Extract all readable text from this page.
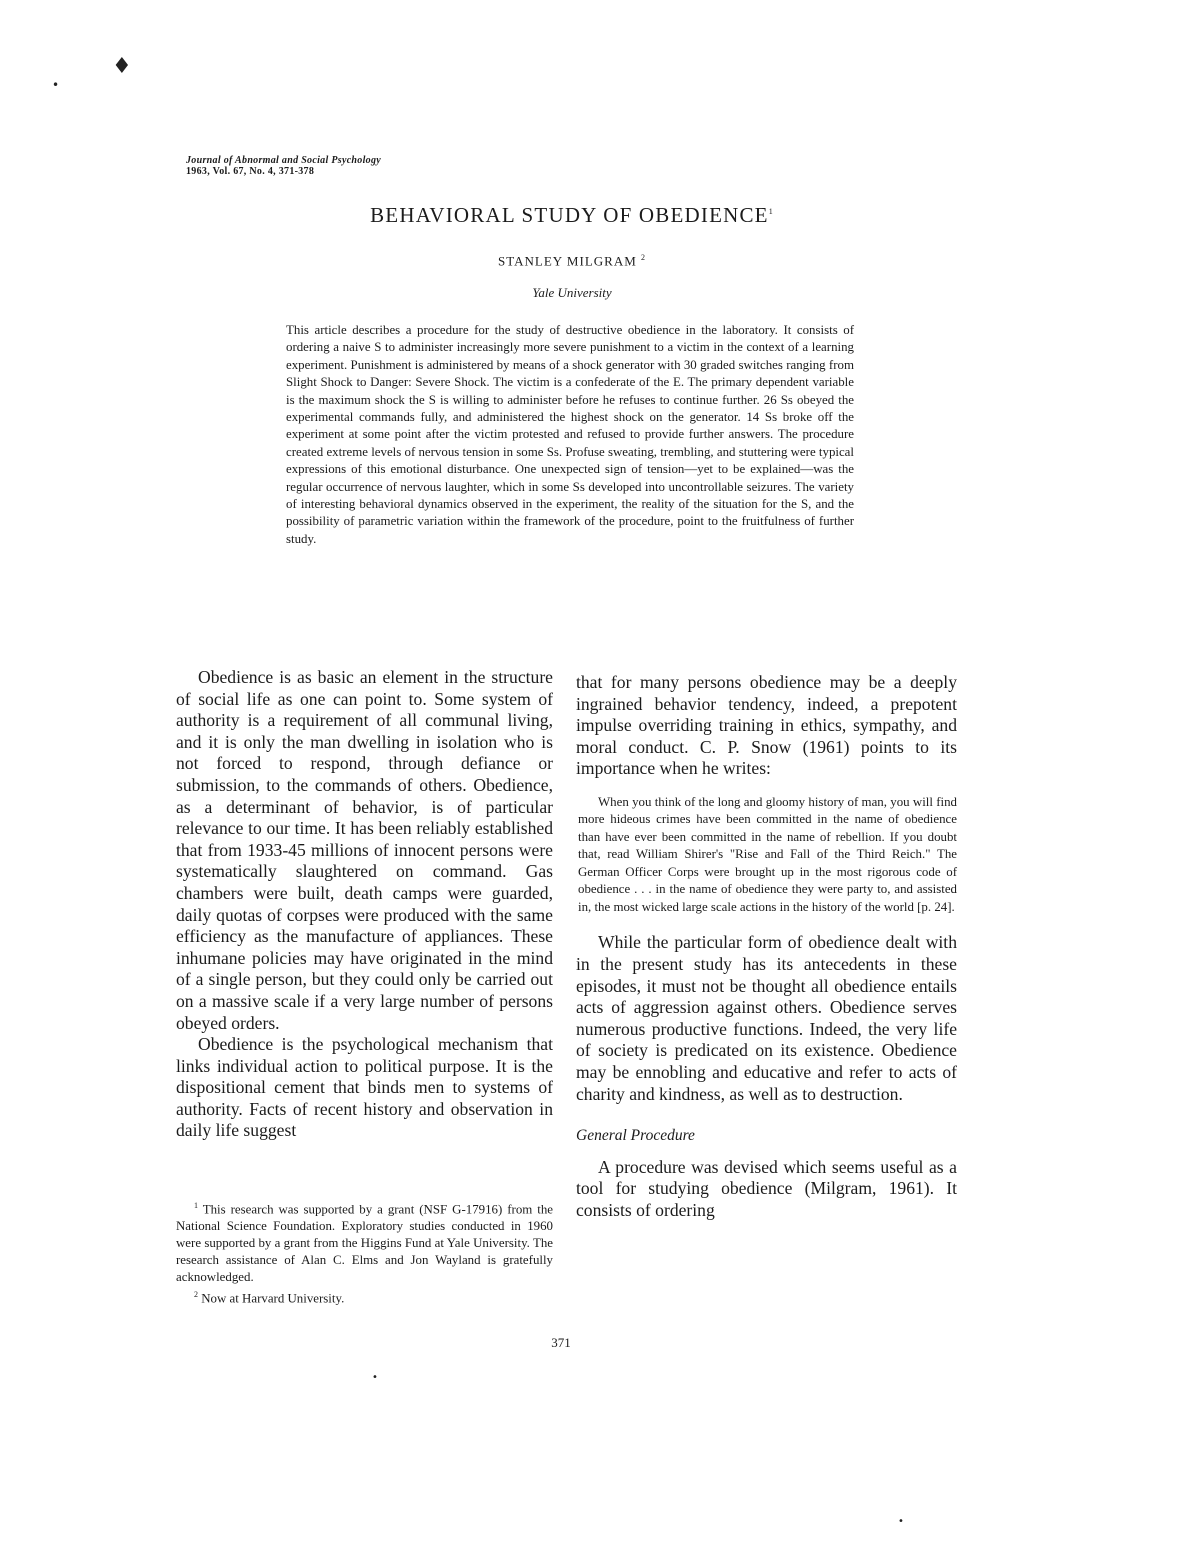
♦
•
•
•
Journal of Abnormal and Social Psychology
1963, Vol. 67, No. 4, 371-378
BEHAVIORAL STUDY OF OBEDIENCE$^1$
STANLEY MILGRAM $^2$
Yale University
This article describes a procedure for the study of destructive obedience in the laboratory. It consists of ordering a naive S to administer increasingly more severe punishment to a victim in the context of a learning experiment. Punishment is administered by means of a shock generator with 30 graded switches ranging from Slight Shock to Danger: Severe Shock. The victim is a confederate of the E. The primary dependent variable is the maximum shock the S is willing to administer before he refuses to continue further. 26 Ss obeyed the experimental commands fully, and administered the highest shock on the generator. 14 Ss broke off the experiment at some point after the victim protested and refused to provide further answers. The procedure created extreme levels of nervous tension in some Ss. Profuse sweating, trembling, and stuttering were typical expressions of this emotional disturbance. One unexpected sign of tension—yet to be explained—was the regular occurrence of nervous laughter, which in some Ss developed into uncontrollable seizures. The variety of interesting behavioral dynamics observed in the experiment, the reality of the situation for the S, and the possibility of parametric variation within the framework of the procedure, point to the fruitfulness of further study.

Obedience is as basic an element in the structure of social life as one can point to. Some system of authority is a requirement of all communal living, and it is only the man dwelling in isolation who is not forced to respond, through defiance or submission, to the commands of others. Obedience, as a determinant of behavior, is of particular relevance to our time. It has been reliably established that from 1933-45 millions of innocent persons were systematically slaughtered on command. Gas chambers were built, death camps were guarded, daily quotas of corpses were produced with the same efficiency as the manufacture of appliances. These inhumane policies may have originated in the mind of a single person, but they could only be carried out on a massive scale if a very large number of persons obeyed orders.

Obedience is the psychological mechanism that links individual action to political purpose. It is the dispositional cement that binds men to systems of authority. Facts of recent history and observation in daily life suggest

that for many persons obedience may be a deeply ingrained behavior tendency, indeed, a prepotent impulse overriding training in ethics, sympathy, and moral conduct. C. P. Snow (1961) points to its importance when he writes:

When you think of the long and gloomy history of man, you will find more hideous crimes have been committed in the name of obedience than have ever been committed in the name of rebellion. If you doubt that, read William Shirer's "Rise and Fall of the Third Reich." The German Officer Corps were brought up in the most rigorous code of obedience . . . in the name of obedience they were party to, and assisted in, the most wicked large scale actions in the history of the world [p. 24].

While the particular form of obedience dealt with in the present study has its antecedents in these episodes, it must not be thought all obedience entails acts of aggression against others. Obedience serves numerous productive functions. Indeed, the very life of society is predicated on its existence. Obedience may be ennobling and educative and refer to acts of charity and kindness, as well as to destruction.

General Procedure

A procedure was devised which seems useful as a tool for studying obedience (Milgram, 1961). It consists of ordering

$^1$ This research was supported by a grant (NSF G-17916) from the National Science Foundation. Exploratory studies conducted in 1960 were supported by a grant from the Higgins Fund at Yale University. The research assistance of Alan C. Elms and Jon Wayland is gratefully acknowledged.

$^2$ Now at Harvard University.

371
